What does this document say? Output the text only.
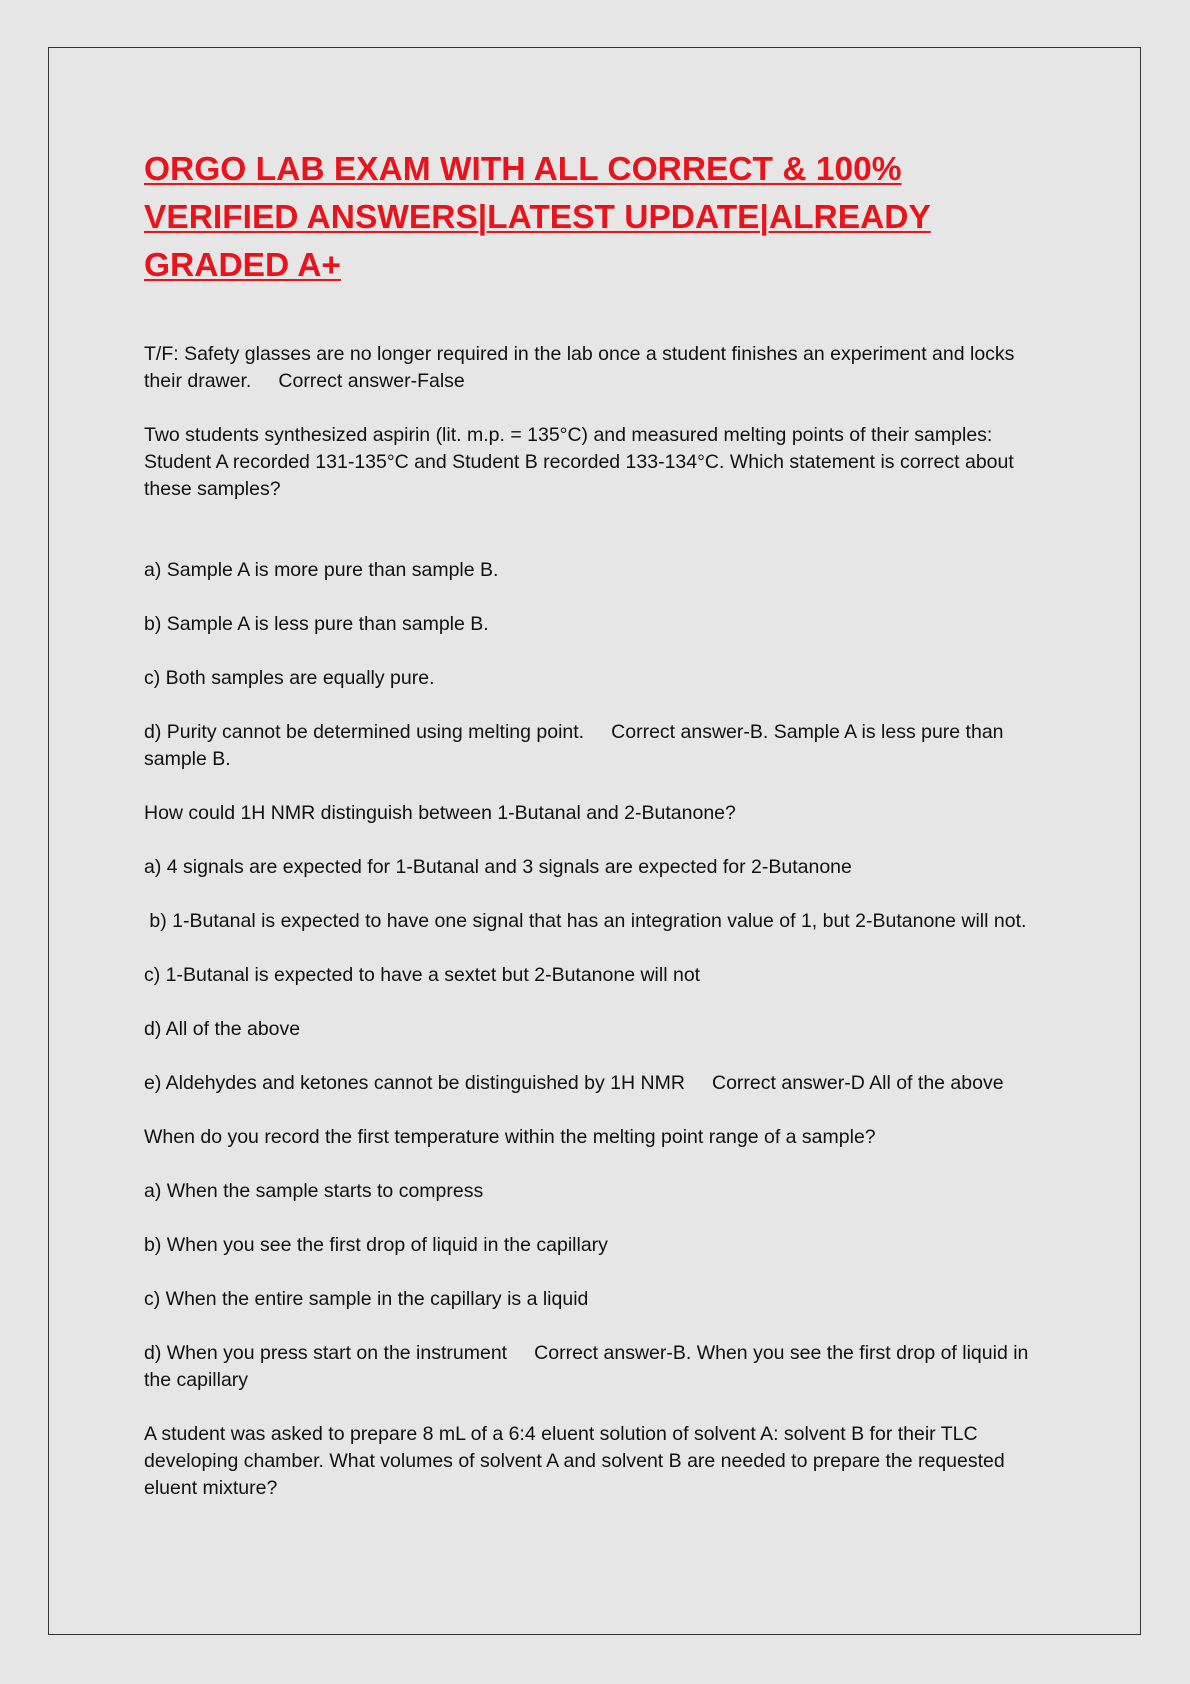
ORGO LAB EXAM WITH ALL CORRECT & 100% VERIFIED ANSWERS|LATEST UPDATE|ALREADY GRADED A+

T/F: Safety glasses are no longer required in the lab once a student finishes an experiment and locks their drawer.     Correct answer-False

Two students synthesized aspirin (lit. m.p. = 135°C) and measured melting points of their samples: Student A recorded 131-135°C and Student B recorded 133-134°C. Which statement is correct about these samples?

a) Sample A is more pure than sample B.

b) Sample A is less pure than sample B.

c) Both samples are equally pure.

d) Purity cannot be determined using melting point.     Correct answer-B. Sample A is less pure than sample B.

How could 1H NMR distinguish between 1-Butanal and 2-Butanone?

a) 4 signals are expected for 1-Butanal and 3 signals are expected for 2-Butanone

b) 1-Butanal is expected to have one signal that has an integration value of 1, but 2-Butanone will not.

c) 1-Butanal is expected to have a sextet but 2-Butanone will not

d) All of the above

e) Aldehydes and ketones cannot be distinguished by 1H NMR     Correct answer-D All of the above

When do you record the first temperature within the melting point range of a sample?

a) When the sample starts to compress

b) When you see the first drop of liquid in the capillary

c) When the entire sample in the capillary is a liquid

d) When you press start on the instrument     Correct answer-B. When you see the first drop of liquid in the capillary

A student was asked to prepare 8 mL of a 6:4 eluent solution of solvent A: solvent B for their TLC developing chamber. What volumes of solvent A and solvent B are needed to prepare the requested eluent mixture?
